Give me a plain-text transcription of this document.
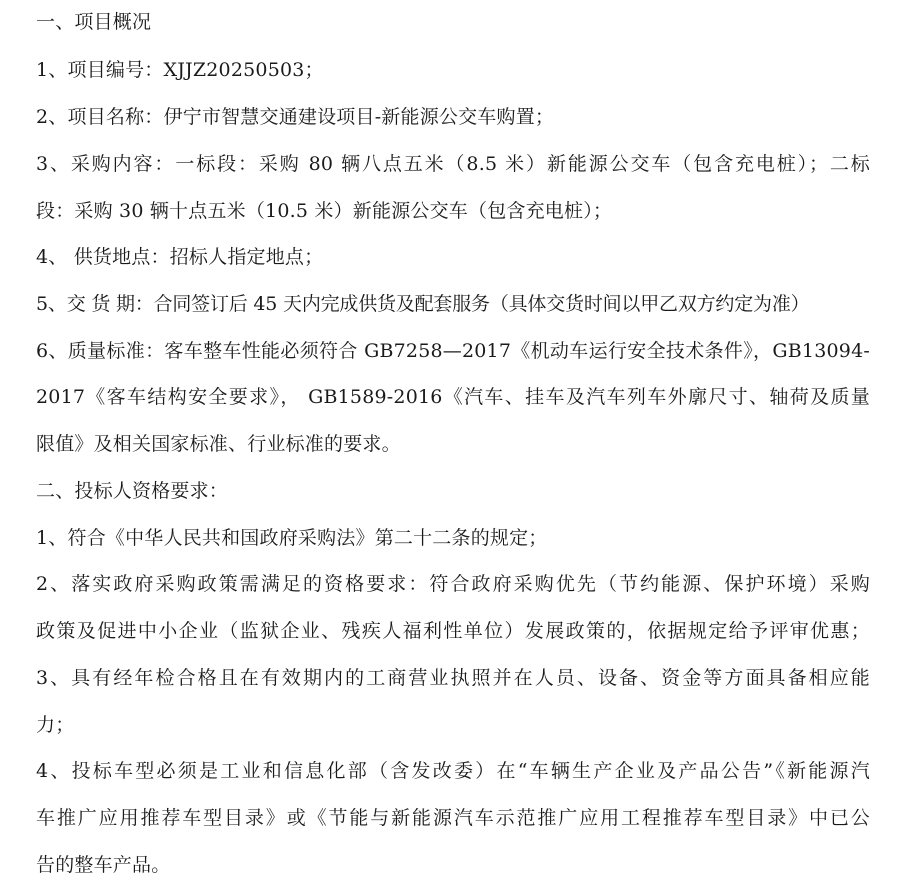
一、项目概况
1、项目编号：XJJZ20250503；
2、项目名称：伊宁市智慧交通建设项目-新能源公交车购置；
3、采购内容：一标段：采购 80 辆八点五米（8.5 米）新能源公交车（包含充电桩）；二标
段：采购 30 辆十点五米（10.5 米）新能源公交车（包含充电桩）；
4、 供货地点：招标人指定地点；
5、交 货 期：合同签订后 45 天内完成供货及配套服务（具体交货时间以甲乙双方约定为准）
6、质量标准：客车整车性能必须符合 GB7258—2017《机动车运行安全技术条件》，GB13094-
2017《客车结构安全要求》， GB1589-2016《汽车、挂车及汽车列车外廓尺寸、轴荷及质量
限值》及相关国家标准、行业标准的要求。
二、投标人资格要求：
1、符合《中华人民共和国政府采购法》第二十二条的规定；
2、落实政府采购政策需满足的资格要求：符合政府采购优先（节约能源、保护环境）采购
政策及促进中小企业（监狱企业、残疾人福利性单位）发展政策的，依据规定给予评审优惠；
3、具有经年检合格且在有效期内的工商营业执照并在人员、设备、资金等方面具备相应能
力；
4、投标车型必须是工业和信息化部（含发改委）在“车辆生产企业及产品公告”《新能源汽
车推广应用推荐车型目录》或《节能与新能源汽车示范推广应用工程推荐车型目录》中已公
告的整车产品。
